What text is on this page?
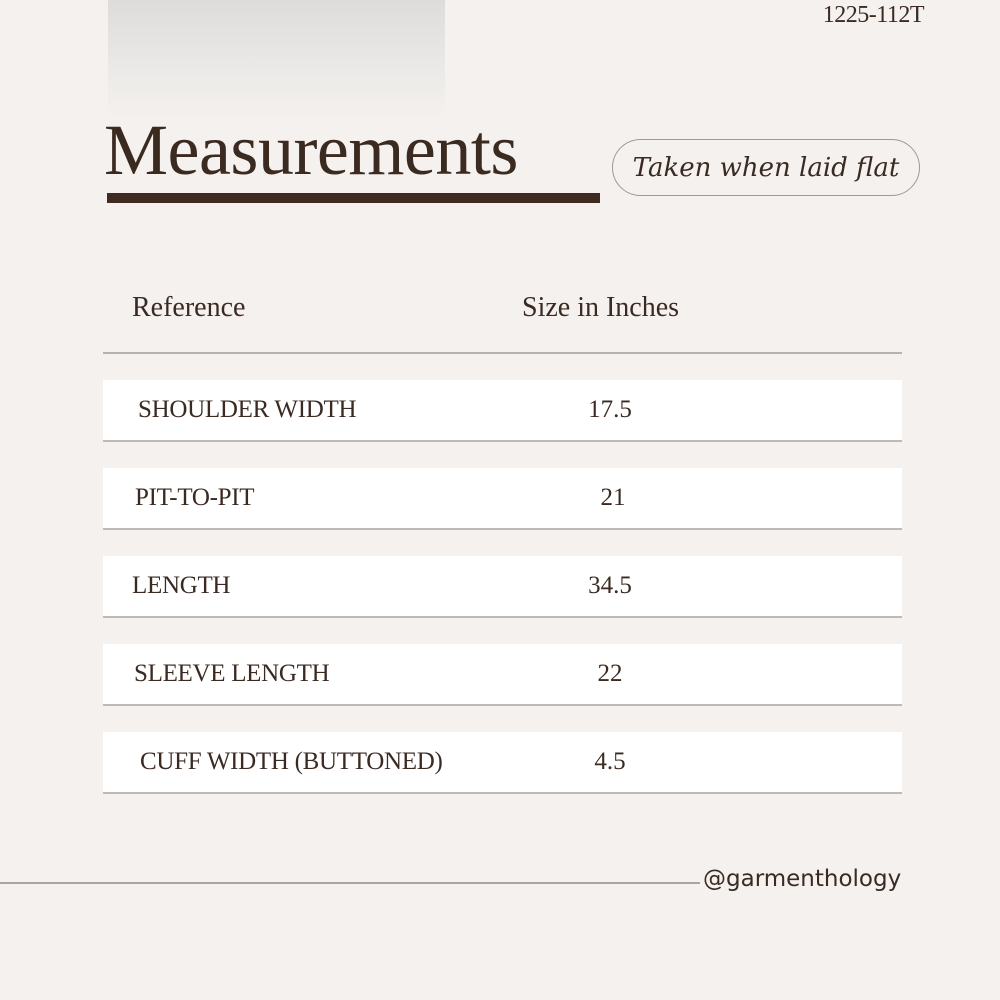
1225-112T
Measurements	Taken when laid flat
Reference	Size in Inches
SHOULDER WIDTH	17.5
PIT-TO-PIT	21
LENGTH	34.5
SLEEVE LENGTH	22
CUFF WIDTH (BUTTONED)	4.5
@garmenthology
